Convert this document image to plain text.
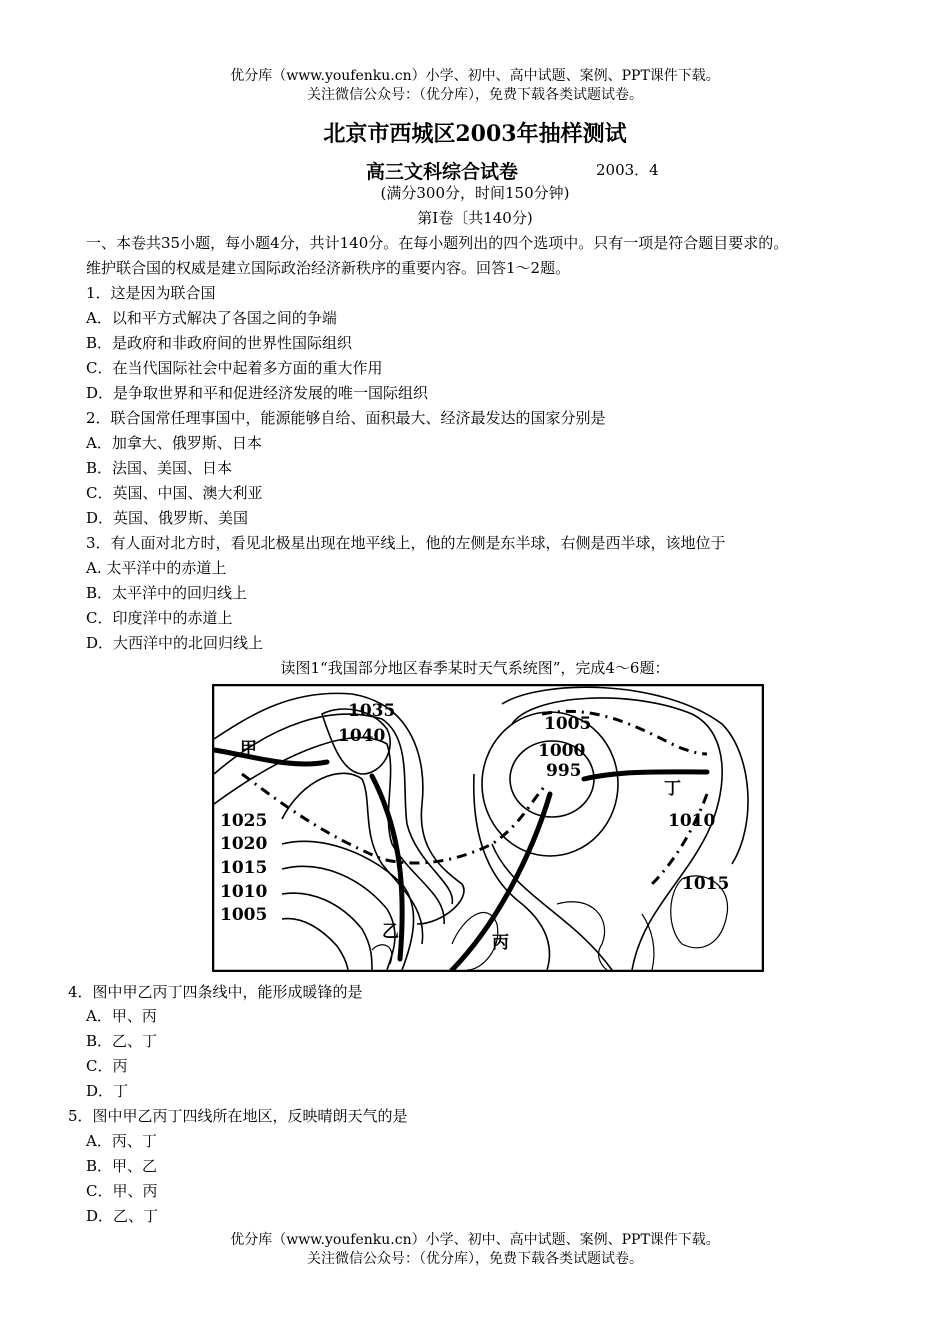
优分库（www.youfenku.cn）小学、初中、高中试题、案例、PPT课件下载。
关注微信公众号：（优分库），免费下载各类试题试卷。
北京市西城区2003年抽样测试
高三文科综合试卷	2003．4
(满分300分，时间150分钟)
第I卷〔共140分)
一、本卷共35小题，每小题4分，共计140分。在每小题列出的四个选项中。只有一项是符合题目要求的。
维护联合国的权威是建立国际政治经济新秩序的重要内容。回答1～2题。
1．这是因为联合国
A．以和平方式解决了各国之间的争端
B．是政府和非政府间的世界性国际组织
C．在当代国际社会中起着多方面的重大作用
D．是争取世界和平和促进经济发展的唯一国际组织
2．联合国常任理事国中，能源能够自给、面积最大、经济最发达的国家分别是
A．加拿大、俄罗斯、日本
B．法国、美国、日本
C．英国、中国、澳大利亚
D．英国、俄罗斯、美国
3．有人面对北方时，看见北极星出现在地平线上，他的左侧是东半球，右侧是西半球，该地位于
A. 太平洋中的赤道上
B．太平洋中的回归线上
C．印度洋中的赤道上
D．大西洋中的北回归线上
读图1“我国部分地区春季某时天气系统图”，完成4～6题：
1035
1040
1025
1020
1015
1010
1005
1005
1000
995
1010
1015
甲
乙
丙
丁
4．图中甲乙丙丁四条线中，能形成暖锋的是
A．甲、丙
B．乙、丁
C．丙
D．丁
5．图中甲乙丙丁四线所在地区，反映晴朗天气的是
A．丙、丁
B．甲、乙
C．甲、丙
D．乙、丁
优分库（www.youfenku.cn）小学、初中、高中试题、案例、PPT课件下载。
关注微信公众号：（优分库），免费下载各类试题试卷。
